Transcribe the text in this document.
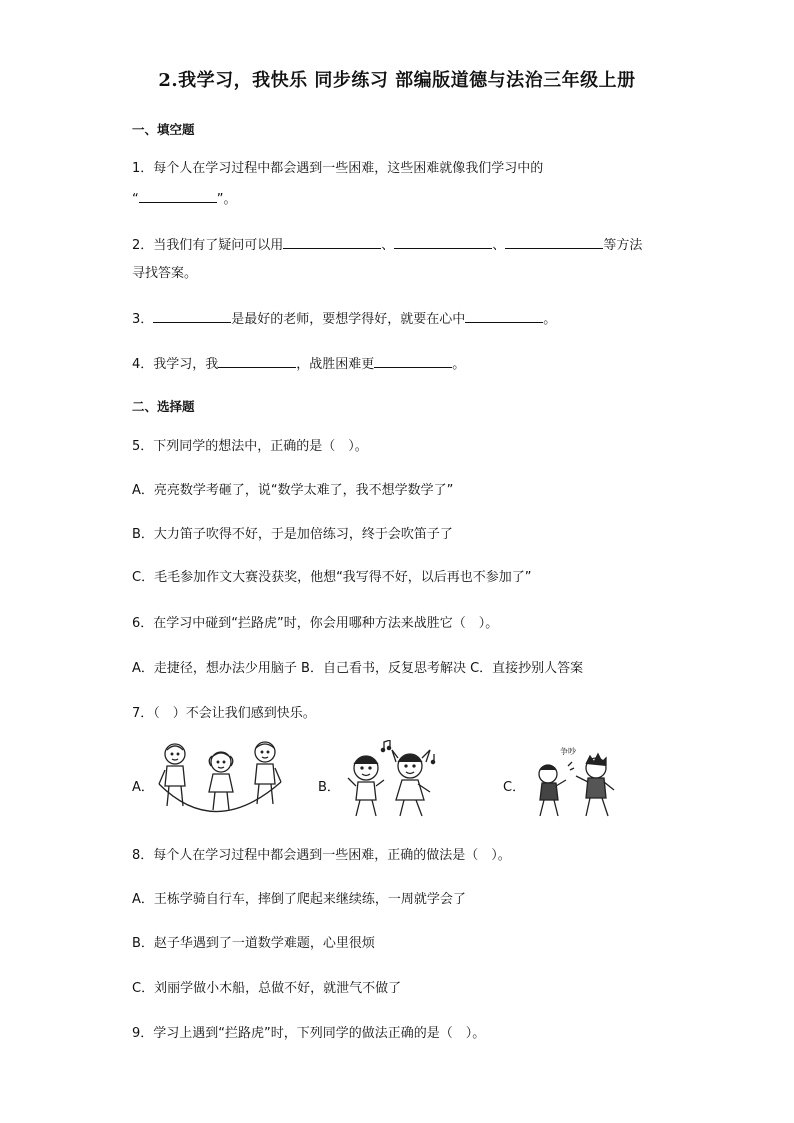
2.我学习，我快乐 同步练习 部编版道德与法治三年级上册
一、填空题
1．每个人在学习过程中都会遇到一些困难，这些困难就像我们学习中的
“	”。
2．当我们有了疑问可以用	、	、	等方法
寻找答案。
3．	是最好的老师，要想学得好，就要在心中	。
4．我学习，我	，战胜困难更	。
二、选择题
5．下列同学的想法中，正确的是（　）。
A．亮亮数学考砸了，说“数学太难了，我不想学数学了”
B．大力笛子吹得不好，于是加倍练习，终于会吹笛子了
C．毛毛参加作文大赛没获奖，他想“我写得不好，以后再也不参加了”
6．在学习中碰到“拦路虎”时，你会用哪种方法来战胜它（　）。
A．走捷径，想办法少用脑子 B．自己看书，反复思考解决 C．直接抄别人答案
7．（　）不会让我们感到快乐。
A．	B．	C．
争吵
8．每个人在学习过程中都会遇到一些困难，正确的做法是（　）。
A．王栋学骑自行车，摔倒了爬起来继续练，一周就学会了
B．赵子华遇到了一道数学难题，心里很烦
C．刘丽学做小木船，总做不好，就泄气不做了
9．学习上遇到“拦路虎”时，下列同学的做法正确的是（　）。
